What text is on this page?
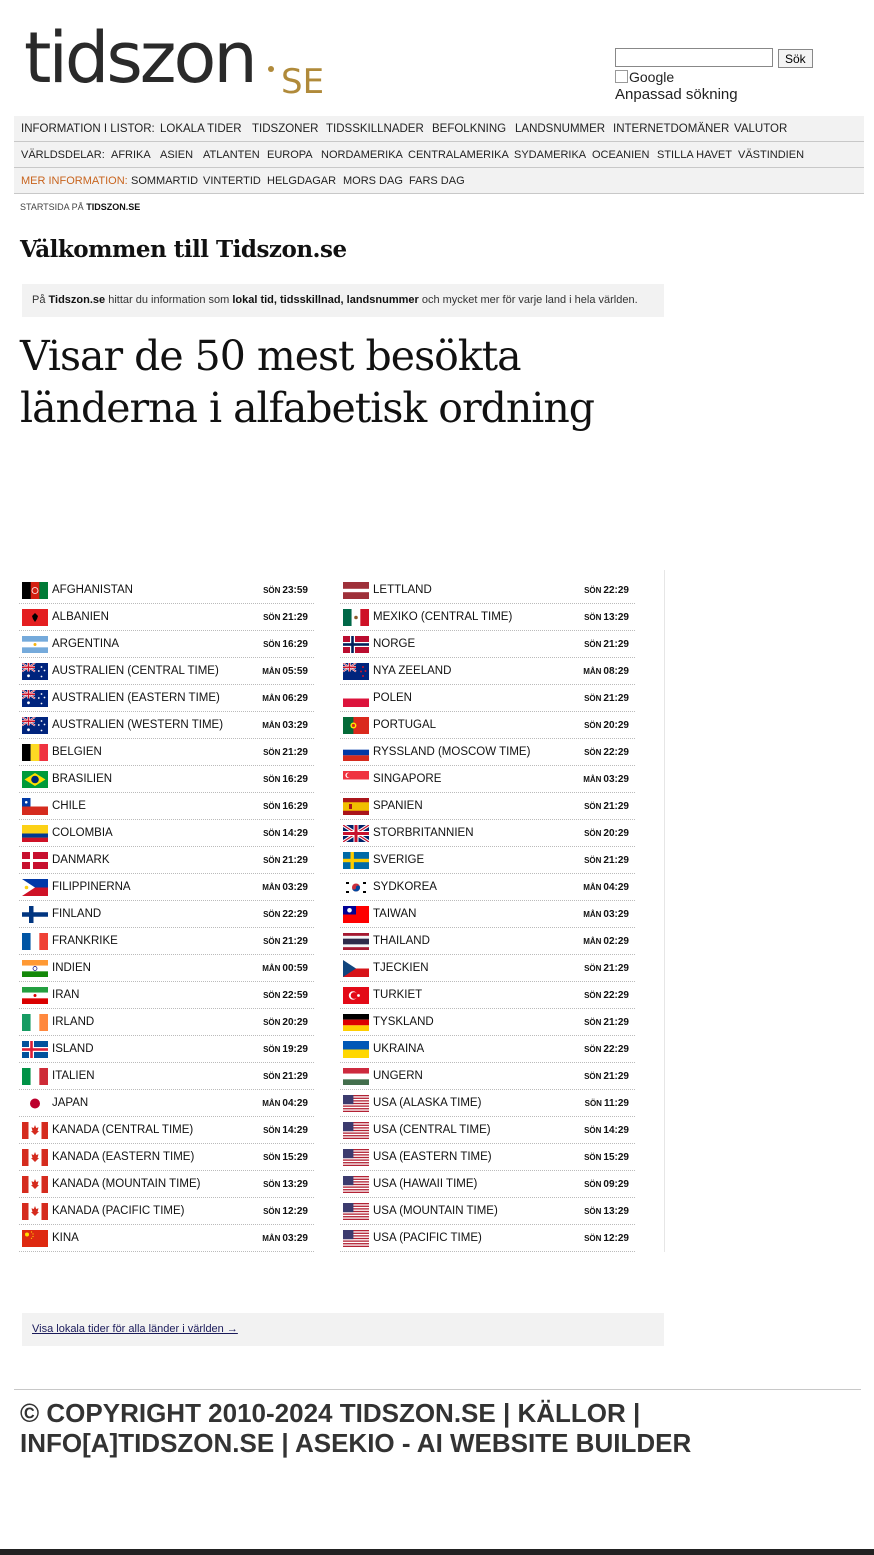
tidszon SE
Sök
Google
Anpassad sökning
INFORMATION I LISTOR: LOKALA TIDER TIDSZONER TIDSSKILLNADER BEFOLKNING LANDSNUMMER INTERNETDOMÄNER VALUTOR
VÄRLDSDELAR: AFRIKA ASIEN ATLANTEN EUROPA NORDAMERIKA CENTRALAMERIKA SYDAMERIKA OCEANIEN STILLA HAVET VÄSTINDIEN
MER INFORMATION: SOMMARTID VINTERTID HELGDAGAR MORS DAG FARS DAG
STARTSIDA PÅ TIDSZON.SE
Välkommen till Tidszon.se
På Tidszon.se hittar du information som lokal tid, tidsskillnad, landsnummer och mycket mer för varje land i hela världen.
Visar de 50 mest besökta länderna i alfabetisk ordning
AFGHANISTAN	SÖN 23:59
ALBANIEN	SÖN 21:29
ARGENTINA	SÖN 16:29
AUSTRALIEN (CENTRAL TIME)	MÅN 05:59
AUSTRALIEN (EASTERN TIME)	MÅN 06:29
AUSTRALIEN (WESTERN TIME)	MÅN 03:29
BELGIEN	SÖN 21:29
BRASILIEN	SÖN 16:29
CHILE	SÖN 16:29
COLOMBIA	SÖN 14:29
DANMARK	SÖN 21:29
FILIPPINERNA	MÅN 03:29
FINLAND	SÖN 22:29
FRANKRIKE	SÖN 21:29
INDIEN	MÅN 00:59
IRAN	SÖN 22:59
IRLAND	SÖN 20:29
ISLAND	SÖN 19:29
ITALIEN	SÖN 21:29
JAPAN	MÅN 04:29
KANADA (CENTRAL TIME)	SÖN 14:29
KANADA (EASTERN TIME)	SÖN 15:29
KANADA (MOUNTAIN TIME)	SÖN 13:29
KANADA (PACIFIC TIME)	SÖN 12:29
KINA	MÅN 03:29
LETTLAND	SÖN 22:29
MEXIKO (CENTRAL TIME)	SÖN 13:29
NORGE	SÖN 21:29
NYA ZEELAND	MÅN 08:29
POLEN	SÖN 21:29
PORTUGAL	SÖN 20:29
RYSSLAND (MOSCOW TIME)	SÖN 22:29
SINGAPORE	MÅN 03:29
SPANIEN	SÖN 21:29
STORBRITANNIEN	SÖN 20:29
SVERIGE	SÖN 21:29
SYDKOREA	MÅN 04:29
TAIWAN	MÅN 03:29
THAILAND	MÅN 02:29
TJECKIEN	SÖN 21:29
TURKIET	SÖN 22:29
TYSKLAND	SÖN 21:29
UKRAINA	SÖN 22:29
UNGERN	SÖN 21:29
USA (ALASKA TIME)	SÖN 11:29
USA (CENTRAL TIME)	SÖN 14:29
USA (EASTERN TIME)	SÖN 15:29
USA (HAWAII TIME)	SÖN 09:29
USA (MOUNTAIN TIME)	SÖN 13:29
USA (PACIFIC TIME)	SÖN 12:29
Visa lokala tider för alla länder i världen →
© COPYRIGHT 2010-2024 TIDSZON.SE | KÄLLOR | INFO[A]TIDSZON.SE | ASEKIO - AI WEBSITE BUILDER
